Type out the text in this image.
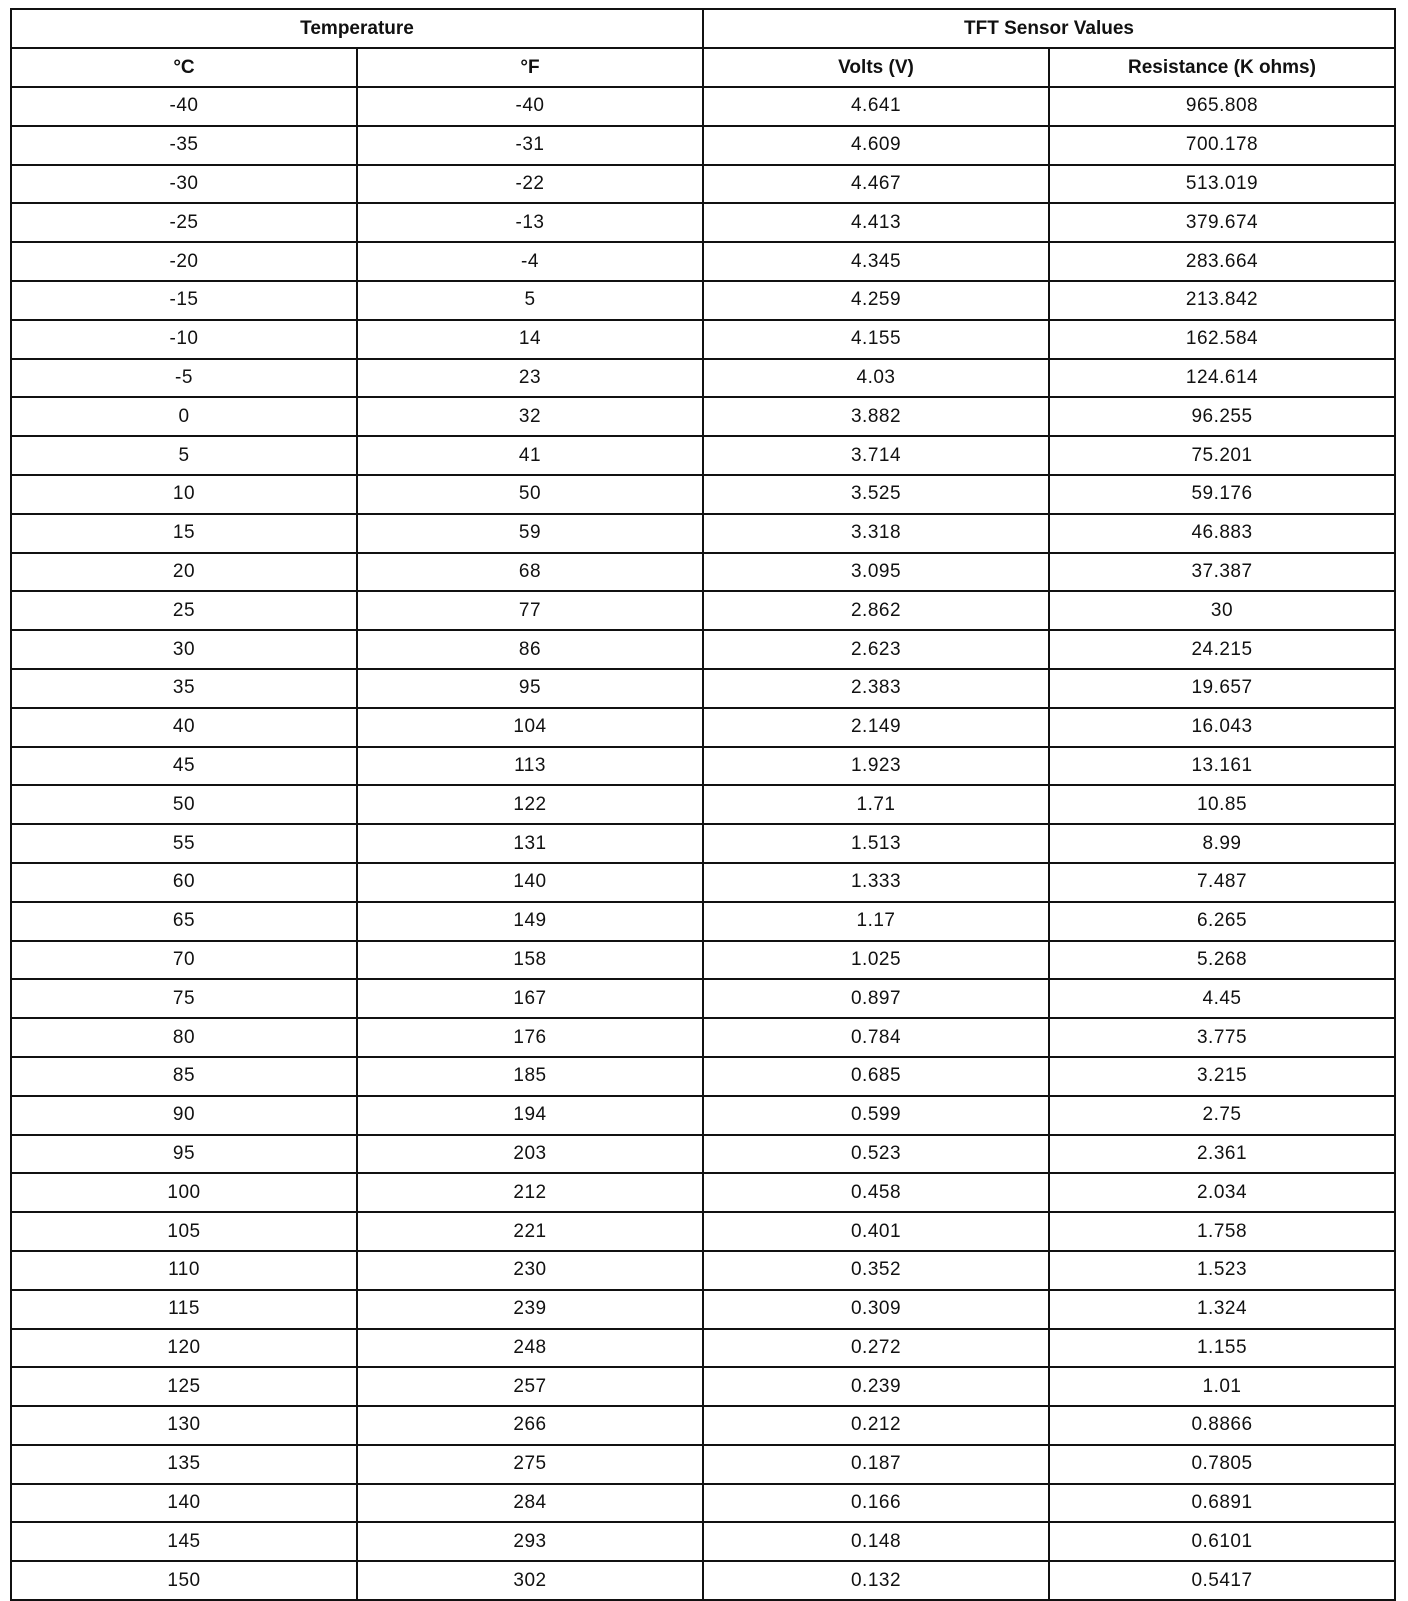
Temperature		TFT Sensor Values	
°C	°F	Volts (V)	Resistance (K ohms)
-40	-40	4.641	965.808
-35	-31	4.609	700.178
-30	-22	4.467	513.019
-25	-13	4.413	379.674
-20	-4	4.345	283.664
-15	5	4.259	213.842
-10	14	4.155	162.584
-5	23	4.03	124.614
0	32	3.882	96.255
5	41	3.714	75.201
10	50	3.525	59.176
15	59	3.318	46.883
20	68	3.095	37.387
25	77	2.862	30
30	86	2.623	24.215
35	95	2.383	19.657
40	104	2.149	16.043
45	113	1.923	13.161
50	122	1.71	10.85
55	131	1.513	8.99
60	140	1.333	7.487
65	149	1.17	6.265
70	158	1.025	5.268
75	167	0.897	4.45
80	176	0.784	3.775
85	185	0.685	3.215
90	194	0.599	2.75
95	203	0.523	2.361
100	212	0.458	2.034
105	221	0.401	1.758
110	230	0.352	1.523
115	239	0.309	1.324
120	248	0.272	1.155
125	257	0.239	1.01
130	266	0.212	0.8866
135	275	0.187	0.7805
140	284	0.166	0.6891
145	293	0.148	0.6101
150	302	0.132	0.5417
